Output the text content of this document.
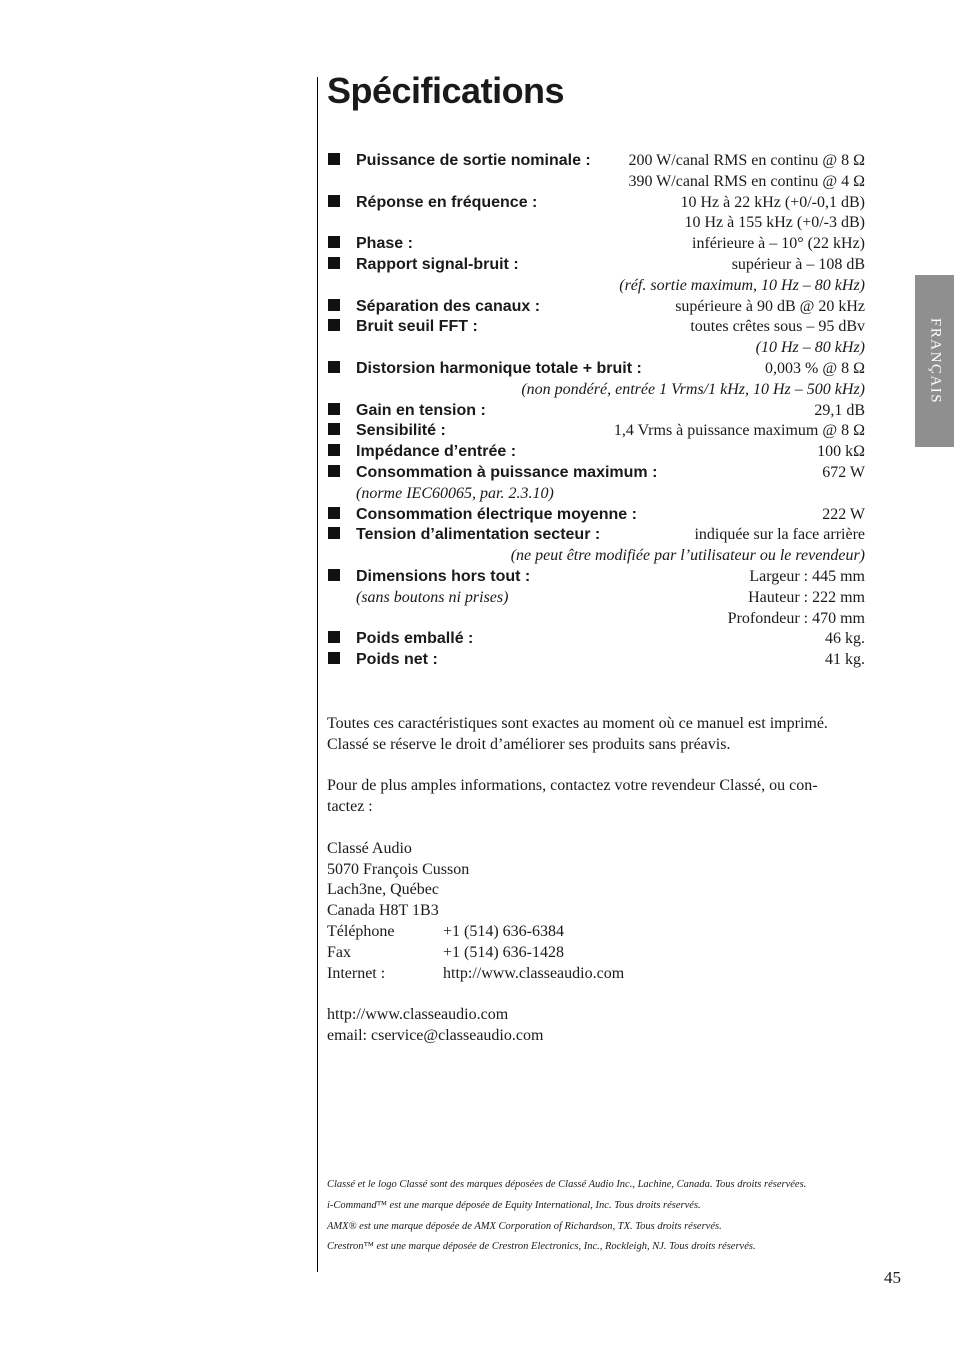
Spécifications
FRANÇAIS
Puissance de sortie nominale :	200 W/canal RMS en continu @ 8 Ω
390 W/canal RMS en continu @ 4 Ω
Réponse en fréquence :	10 Hz à 22 kHz (+0/-0,1 dB)
10 Hz à 155 kHz (+0/-3 dB)
Phase :	inférieure à – 10° (22 kHz)
Rapport signal-bruit :	supérieur à – 108 dB
(réf. sortie maximum, 10 Hz – 80 kHz)
Séparation des canaux :	supérieure à 90 dB @ 20 kHz
Bruit seuil FFT :	toutes crêtes sous – 95 dBv
(10 Hz – 80 kHz)
Distorsion harmonique totale + bruit :	0,003 % @ 8 Ω
(non pondéré, entrée 1 Vrms/1 kHz, 10 Hz – 500 kHz)
Gain en tension :	29,1 dB
Sensibilité :	1,4 Vrms à puissance maximum @ 8 Ω
Impédance d’entrée :	100 kΩ
Consommation à puissance maximum :	672 W
(norme IEC60065, par. 2.3.10)
Consommation électrique moyenne :	222 W
Tension d’alimentation secteur :	indiquée sur la face arrière
(ne peut être modifiée par l’utilisateur ou le revendeur)
Dimensions hors tout :	Largeur : 445 mm
(sans boutons ni prises)	Hauteur : 222 mm
Profondeur : 470 mm
Poids emballé :	46 kg.
Poids net :	41 kg.

Toutes ces caractéristiques sont exactes au moment où ce manuel est imprimé.
Classé se réserve le droit d’améliorer ses produits sans préavis.

Pour de plus amples informations, contactez votre revendeur Classé, ou con-
tactez :

Classé Audio
5070 François Cusson
Lach3ne, Québec
Canada H8T 1B3
Téléphone	+1 (514) 636-6384
Fax	+1 (514) 636-1428
Internet :	http://www.classeaudio.com
http://www.classeaudio.com
email: cservice@classeaudio.com
Classé et le logo Classé sont des marques déposées de Classé Audio Inc., Lachine, Canada. Tous droits réservées.
i-Command™ est une marque déposée de Equity International, Inc. Tous droits réservés.
AMX® est une marque déposée de AMX Corporation of Richardson, TX. Tous droits réservés.
Crestron™ est une marque déposée de Crestron Electronics, Inc., Rockleigh, NJ. Tous droits réservés.
45
